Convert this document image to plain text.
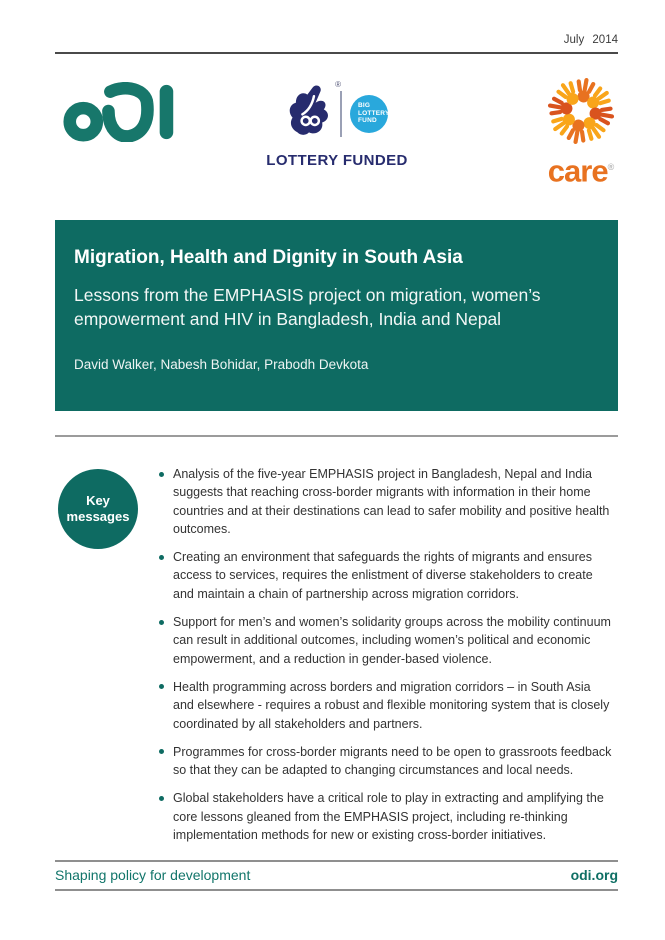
July 2014
®
BIG
LOTTERY
FUND
LOTTERY FUNDED	care®
Migration, Health and Dignity in South Asia
Lessons from the EMPHASIS project on migration, women’s empowerment and HIV in Bangladesh, India and Nepal
David Walker, Nabesh Bohidar, Prabodh Devkota
Key
messages
Analysis of the five-year EMPHASIS project in Bangladesh, Nepal and India suggests that reaching cross-border migrants with information in their home countries and at their destinations can lead to safer mobility and positive health outcomes.
Creating an environment that safeguards the rights of migrants and ensures access to services, requires the enlistment of diverse stakeholders to create and maintain a chain of partnership across migration corridors.
Support for men’s and women’s solidarity groups across the mobility continuum can result in additional outcomes, including women’s political and economic empowerment, and a reduction in gender-based violence.
Health programming across borders and migration corridors – in South Asia and elsewhere - requires a robust and flexible monitoring system that is closely coordinated by all stakeholders and partners.
Programmes for cross-border migrants need to be open to grassroots feedback so that they can be adapted to changing circumstances and local needs.
Global stakeholders have a critical role to play in extracting and amplifying the core lessons gleaned from the EMPHASIS project, including re-thinking implementation methods for new or existing cross-border initiatives.
Shaping policy for development	odi.org
